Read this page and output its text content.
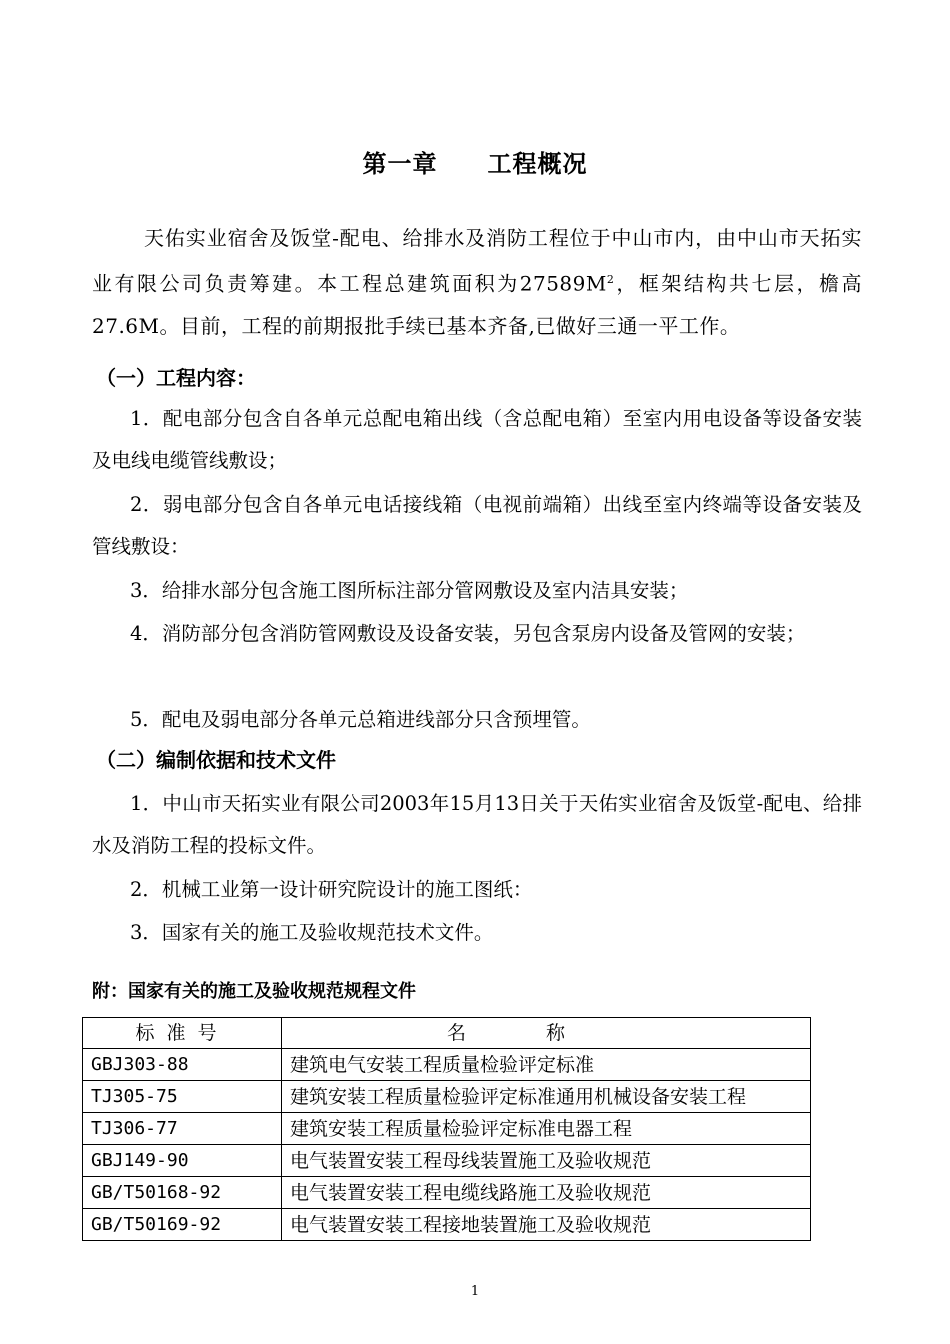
第一章 工程概况
天佑实业宿舍及饭堂-配电、给排水及消防工程位于中山市内，由中山市天拓实业有限公司负责筹建。本工程总建筑面积为$27589M^2$，框架结构共七层，檐高27.6M。目前，工程的前期报批手续已基本齐备,已做好三通一平工作。
（一）工程内容：
1．配电部分包含自各单元总配电箱出线（含总配电箱）至室内用电设备等设备安装及电线电缆管线敷设；
2．弱电部分包含自各单元电话接线箱（电视前端箱）出线至室内终端等设备安装及管线敷设：
3．给排水部分包含施工图所标注部分管网敷设及室内洁具安装；
4．消防部分包含消防管网敷设及设备安装，另包含泵房内设备及管网的安装；
5．配电及弱电部分各单元总箱进线部分只含预埋管。
（二）编制依据和技术文件
1．中山市天拓实业有限公司2003年15月13日关于天佑实业宿舍及饭堂-配电、给排水及消防工程的投标文件。
2．机械工业第一设计研究院设计的施工图纸：
3．国家有关的施工及验收规范技术文件。
附：国家有关的施工及验收规范规程文件
标准号	名称
GBJ303-88	建筑电气安装工程质量检验评定标准
TJ305-75	建筑安装工程质量检验评定标准通用机械设备安装工程
TJ306-77	建筑安装工程质量检验评定标准电器工程
GBJ149-90	电气装置安装工程母线装置施工及验收规范
GB/T50168-92	电气装置安装工程电缆线路施工及验收规范
GB/T50169-92	电气装置安装工程接地装置施工及验收规范
1
